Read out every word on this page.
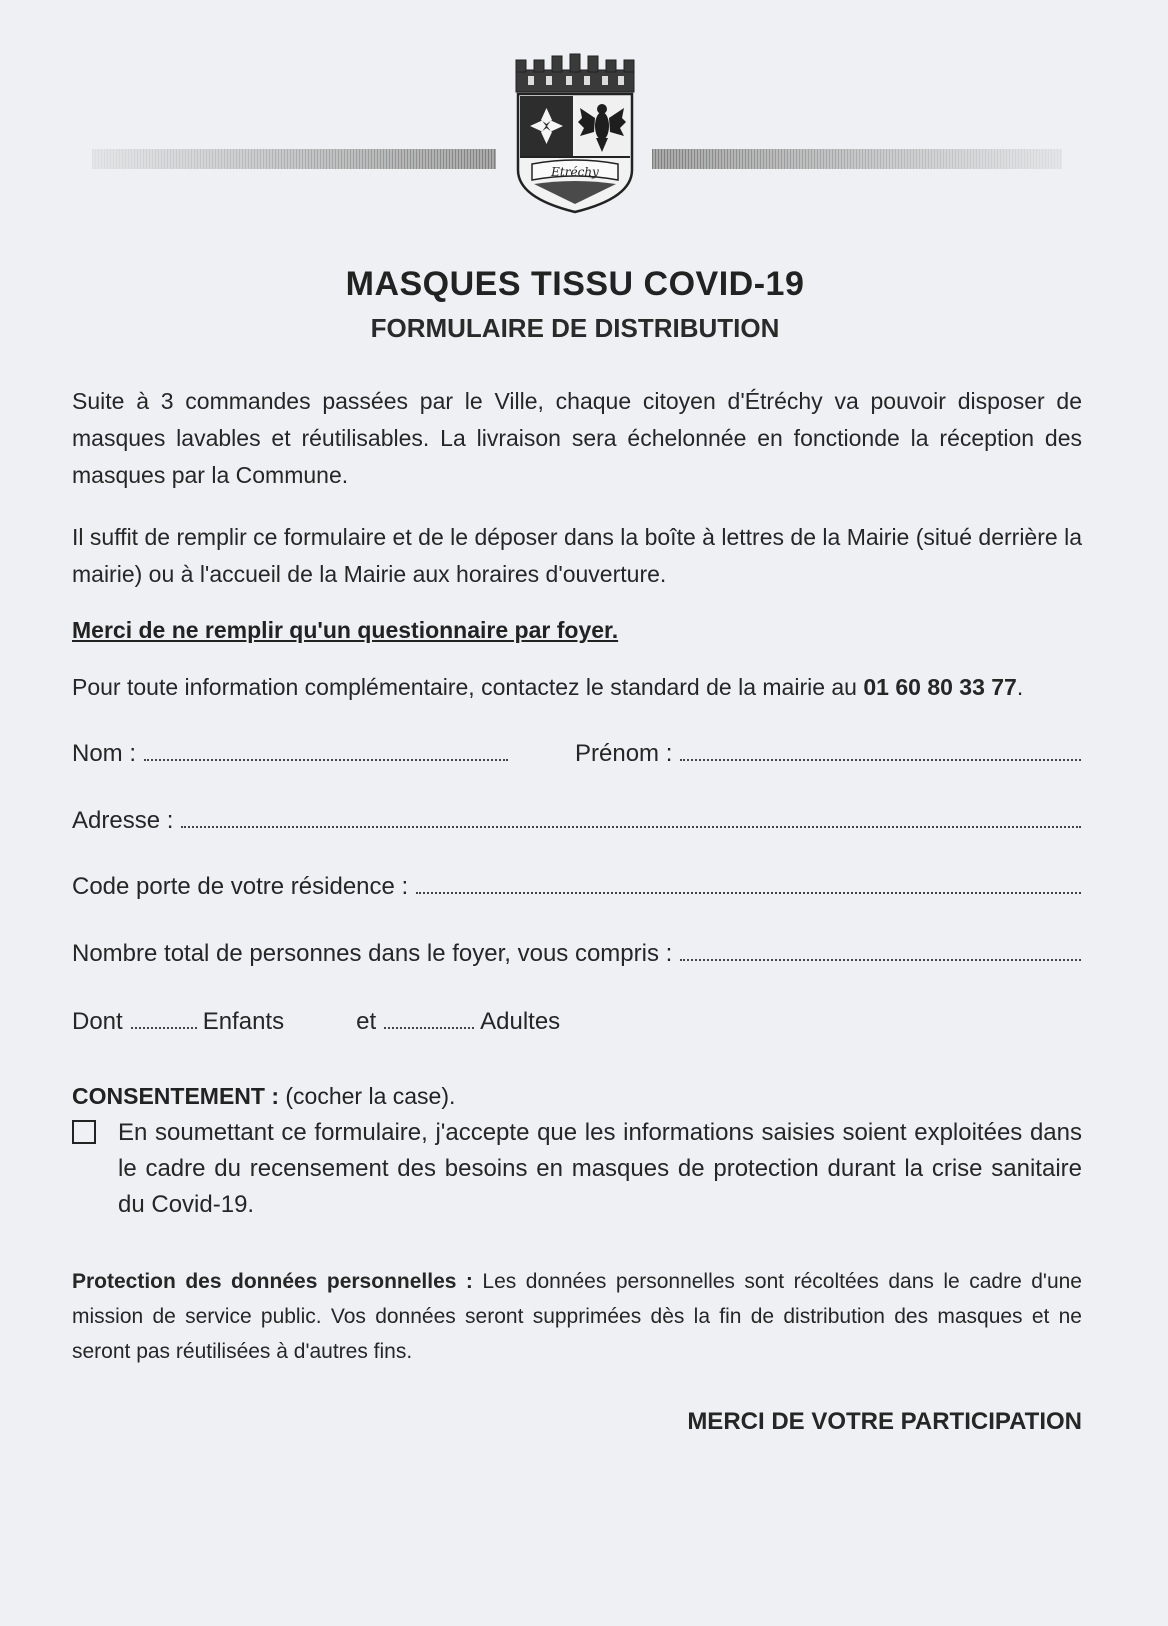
Etréchy
MASQUES TISSU COVID-19
FORMULAIRE DE DISTRIBUTION
Suite à 3 commandes passées par le Ville, chaque citoyen d'Étréchy va pouvoir disposer de masques lavables et réutilisables. La livraison sera échelonnée en fonctionde la réception des masques par la Commune.
Il suffit de remplir ce formulaire et de le déposer dans la boîte à lettres de la Mairie (situé derrière la mairie) ou à l'accueil de la Mairie aux horaires d'ouverture.
Merci de ne remplir qu'un questionnaire par foyer.
Pour toute information complémentaire, contactez le standard de la mairie au 01 60 80 33 77.
Nom :	Prénom :
Adresse :
Code porte de votre résidence :
Nombre total de personnes dans le foyer, vous compris :
Dont	Enfants	et	Adultes
CONSENTEMENT : (cocher la case).
En soumettant ce formulaire, j'accepte que les informations saisies soient exploitées dans le cadre du recensement des besoins en masques de protection durant la crise sanitaire du Covid-19.
Protection des données personnelles : Les données personnelles sont récoltées dans le cadre d'une mission de service public. Vos données seront supprimées dès la fin de distribution des masques et ne seront pas réutilisées à d'autres fins.
MERCI DE VOTRE PARTICIPATION
